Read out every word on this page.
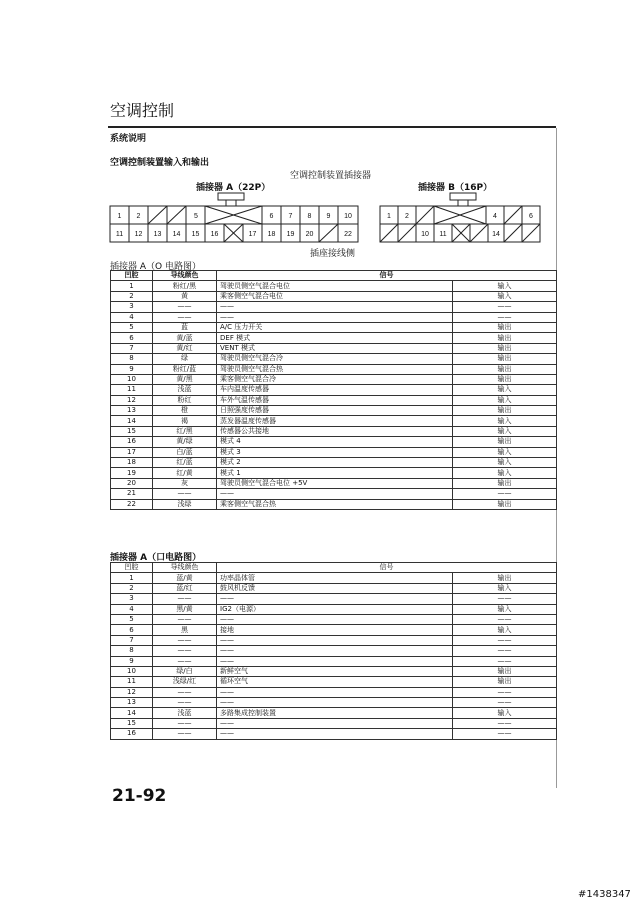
空调控制
系统说明
空调控制装置输入和输出
空调控制装置插接器
插接器 A（22P）	插接器 B（16P）
1 2	5	6 7 8 9 10
11 12 13 14 15 16	17 18 19 20	22
1 2	4	6
10 11	14
插座接线侧
插接器 A（O 电路图）
凹腔	导线颜色	信号	
1	粉红/黑	驾驶员侧空气混合电位	输入
2	黄	乘客侧空气混合电位	输入
3	——	——	——
4	——	——	——
5	蓝	A/C 压力开关	输出
6	黄/蓝	DEF 模式	输出
7	黄/红	VENT 模式	输出
8	绿	驾驶员侧空气混合冷	输出
9	粉红/蓝	驾驶员侧空气混合热	输出
10	黄/黑	乘客侧空气混合冷	输出
11	浅蓝	车内温度传感器	输入
12	粉红	车外气温传感器	输入
13	橙	日照强度传感器	输出
14	褐	蒸发器温度传感器	输入
15	红/黑	传感器公共接地	输入
16	黄/绿	模式 4	输出
17	白/蓝	模式 3	输入
18	红/蓝	模式 2	输入
19	红/黄	模式 1	输入
20	灰	驾驶员侧空气混合电位 +5V	输出
21	——	——	——
22	浅绿	乘客侧空气混合热	输出
插接器 A（口电路图）
凹腔	导线颜色	信号	
1	蓝/黄	功率晶体管	输出
2	蓝/红	鼓风机反馈	输入
3	——	——	——
4	黑/黄	IG2（电源）	输入
5	——	——	——
6	黑	接地	输入
7	——	——	——
8	——	——	——
9	——	——	——
10	绿/白	新鲜空气	输出
11	浅绿/红	循环空气	输出
12	——	——	——
13	——	——	——
14	浅蓝	多路集成控制装置	输入
15	——	——	——
16	——	——	——
21-92
#1438347
